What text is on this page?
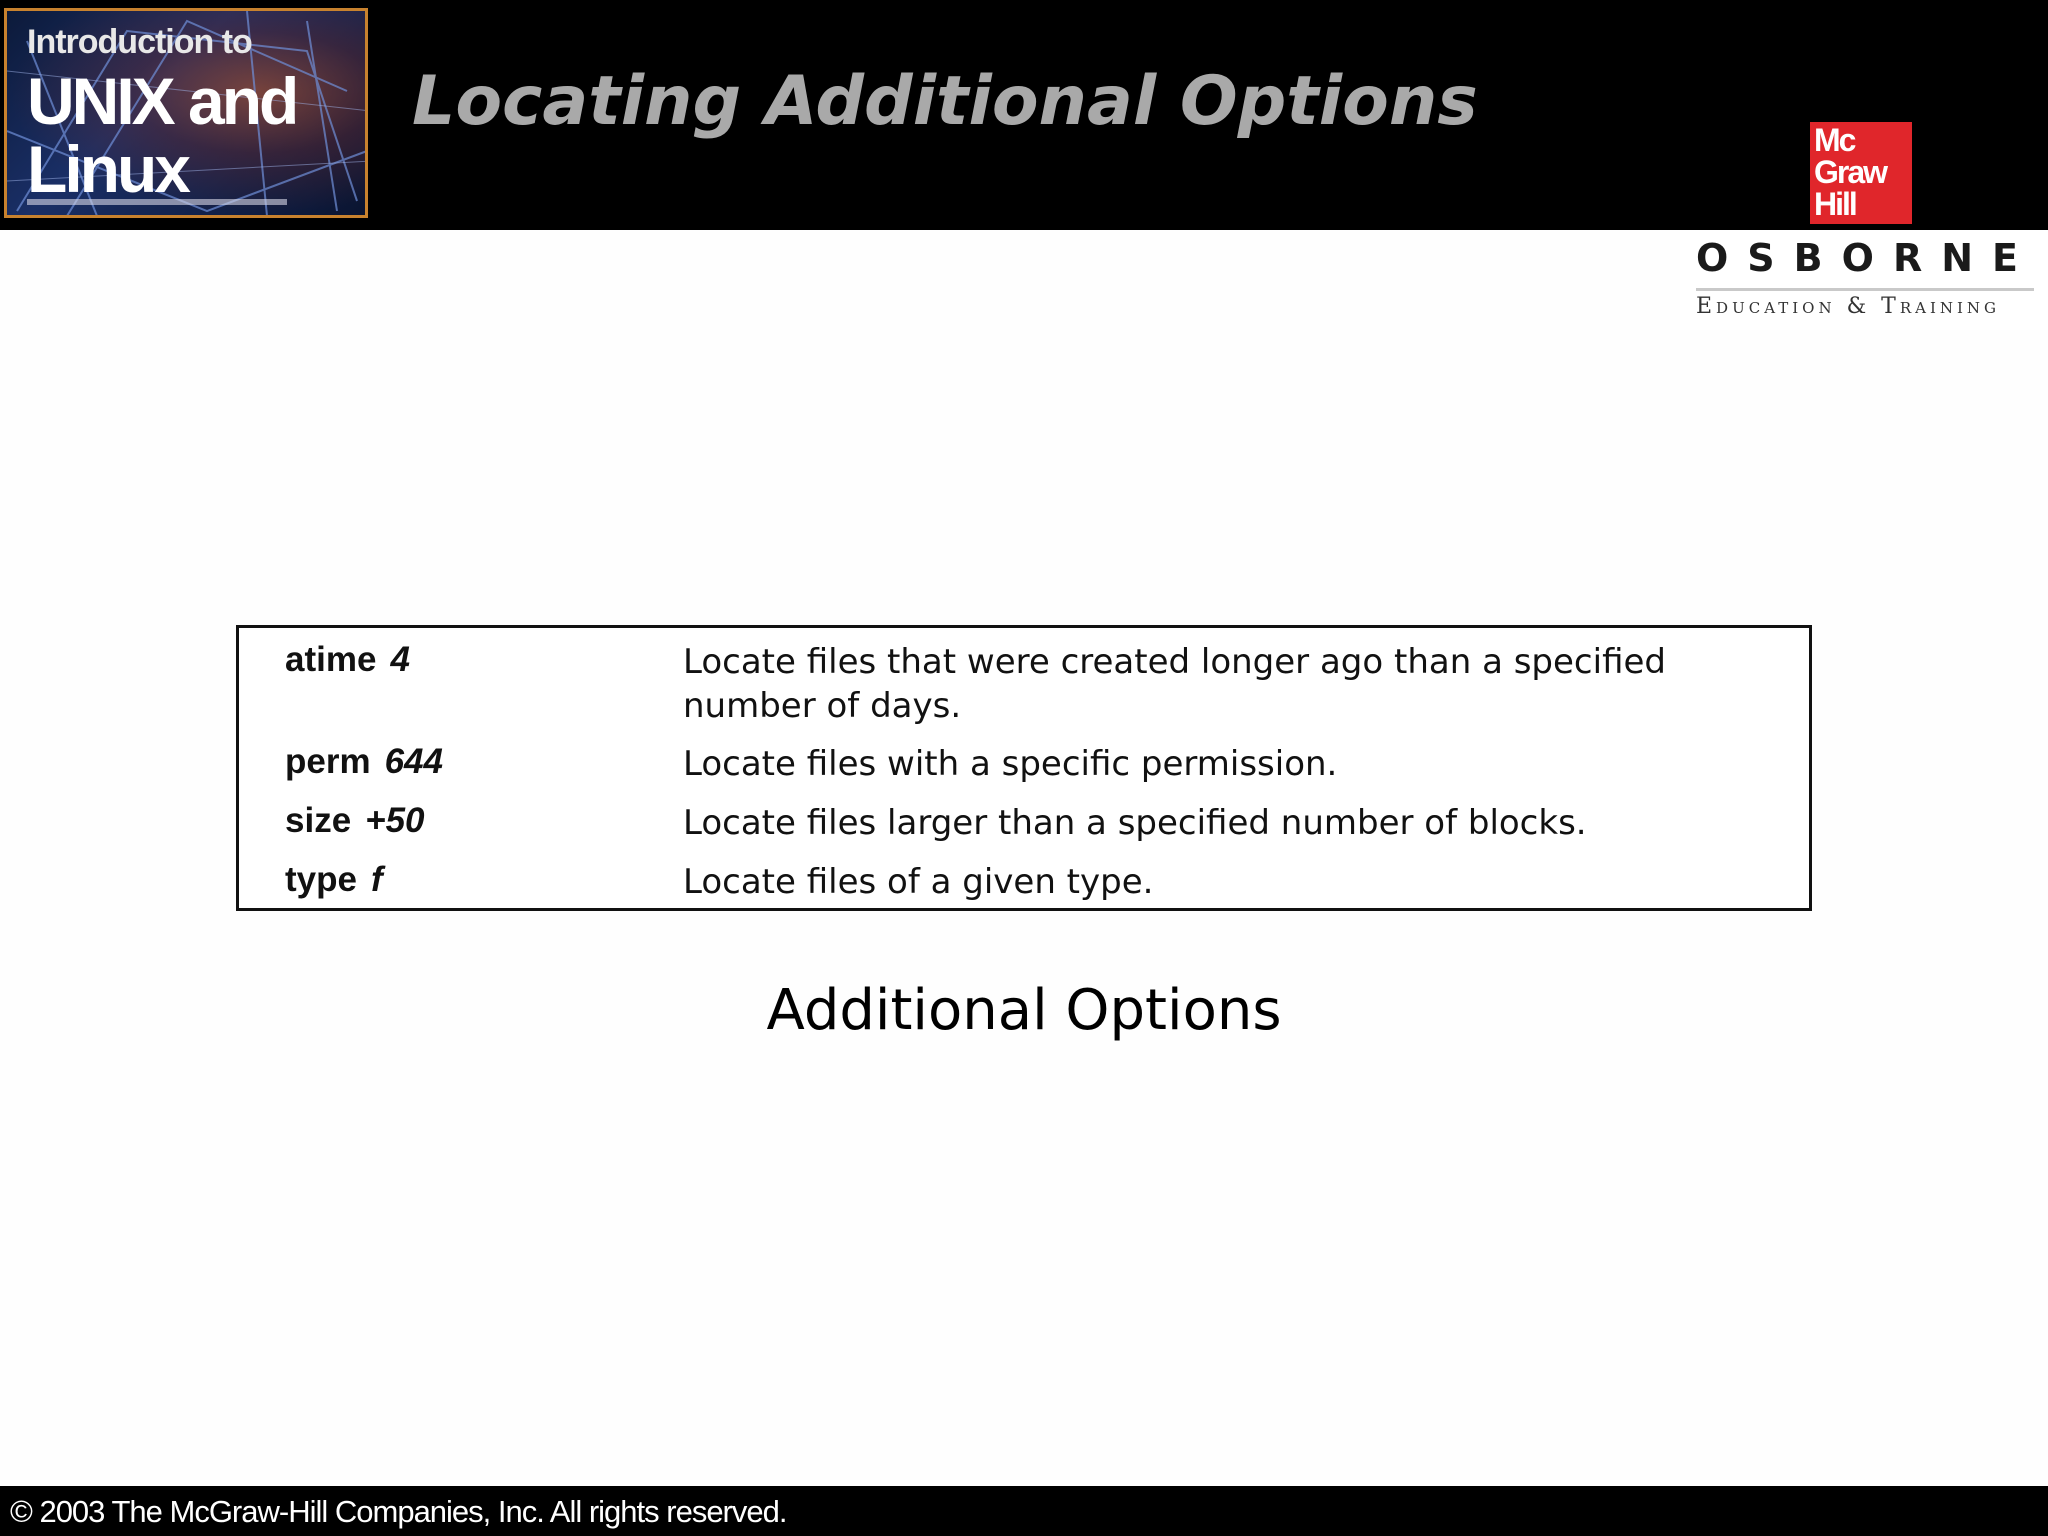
Introduction to
UNIX and
Linux
Locating Additional Options	Mc
Graw
Hill
OSBORNE
Education & Training
atime 4	Locate files that were created longer ago than a specified number of days.
perm 644	Locate files with a specific permission.
size +50	Locate files larger than a specified number of blocks.
type f	Locate files of a given type.
Additional Options
© 2003 The McGraw-Hill Companies, Inc. All rights reserved.
